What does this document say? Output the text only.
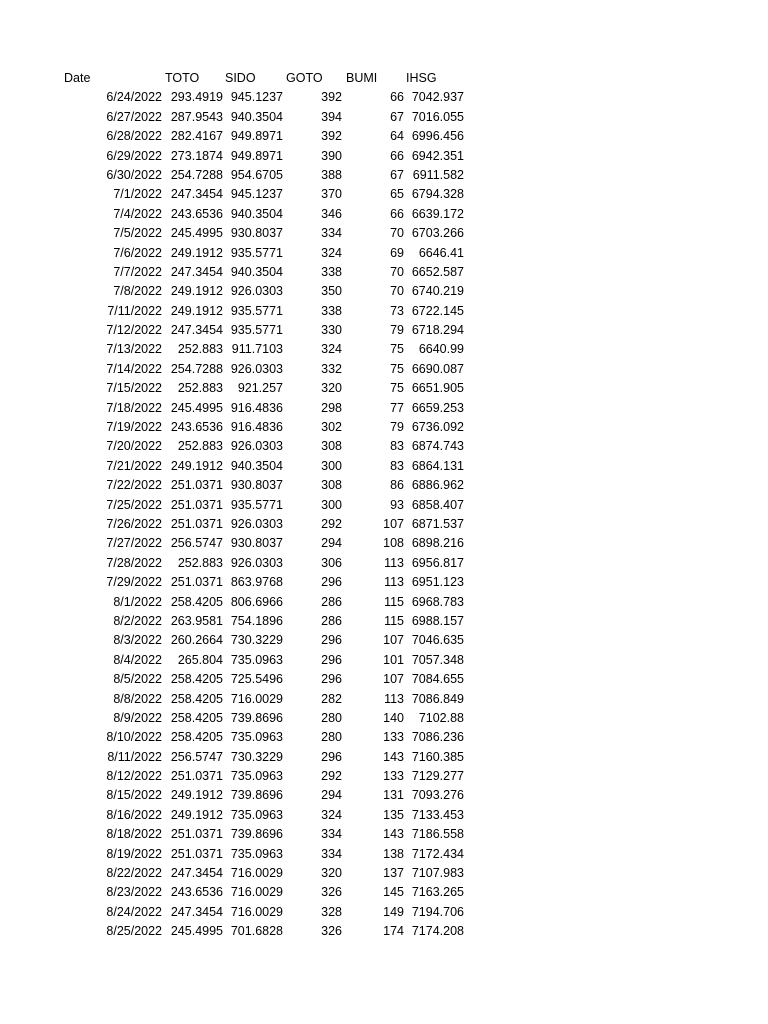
Date	TOTO SIDO GOTO BUMI IHSG
6/24/2022 293.4919 945.1237	392	66 7042.937
6/27/2022 287.9543 940.3504	394	67 7016.055
6/28/2022 282.4167 949.8971	392	64 6996.456
6/29/2022 273.1874 949.8971	390	66 6942.351
6/30/2022 254.7288 954.6705	388	67 6911.582
7/1/2022 247.3454 945.1237	370	65 6794.328
7/4/2022 243.6536 940.3504	346	66 6639.172
7/5/2022 245.4995 930.8037	334	70 6703.266
7/6/2022 249.1912 935.5771	324	69	6646.41
7/7/2022 247.3454 940.3504	338	70 6652.587
7/8/2022 249.1912 926.0303	350	70 6740.219
7/11/2022 249.1912 935.5771	338	73 6722.145
7/12/2022 247.3454 935.5771	330	79 6718.294
7/13/2022	252.883 911.7103	324	75	6640.99
7/14/2022 254.7288 926.0303	332	75 6690.087
7/15/2022	252.883	921.257	320	75 6651.905
7/18/2022 245.4995 916.4836	298	77 6659.253
7/19/2022 243.6536 916.4836	302	79 6736.092
7/20/2022	252.883 926.0303	308	83 6874.743
7/21/2022 249.1912 940.3504	300	83 6864.131
7/22/2022 251.0371 930.8037	308	86 6886.962
7/25/2022 251.0371 935.5771	300	93 6858.407
7/26/2022 251.0371 926.0303	292	107 6871.537
7/27/2022 256.5747 930.8037	294	108 6898.216
7/28/2022	252.883 926.0303	306	113 6956.817
7/29/2022 251.0371 863.9768	296	113 6951.123
8/1/2022 258.4205 806.6966	286	115 6968.783
8/2/2022 263.9581 754.1896	286	115 6988.157
8/3/2022 260.2664 730.3229	296	107 7046.635
8/4/2022	265.804 735.0963	296	101 7057.348
8/5/2022 258.4205 725.5496	296	107 7084.655
8/8/2022 258.4205 716.0029	282	113 7086.849
8/9/2022 258.4205 739.8696	280	140	7102.88
8/10/2022 258.4205 735.0963	280	133 7086.236
8/11/2022 256.5747 730.3229	296	143 7160.385
8/12/2022 251.0371 735.0963	292	133 7129.277
8/15/2022 249.1912 739.8696	294	131 7093.276
8/16/2022 249.1912 735.0963	324	135 7133.453
8/18/2022 251.0371 739.8696	334	143 7186.558
8/19/2022 251.0371 735.0963	334	138 7172.434
8/22/2022 247.3454 716.0029	320	137 7107.983
8/23/2022 243.6536 716.0029	326	145 7163.265
8/24/2022 247.3454 716.0029	328	149 7194.706
8/25/2022 245.4995 701.6828	326	174 7174.208
